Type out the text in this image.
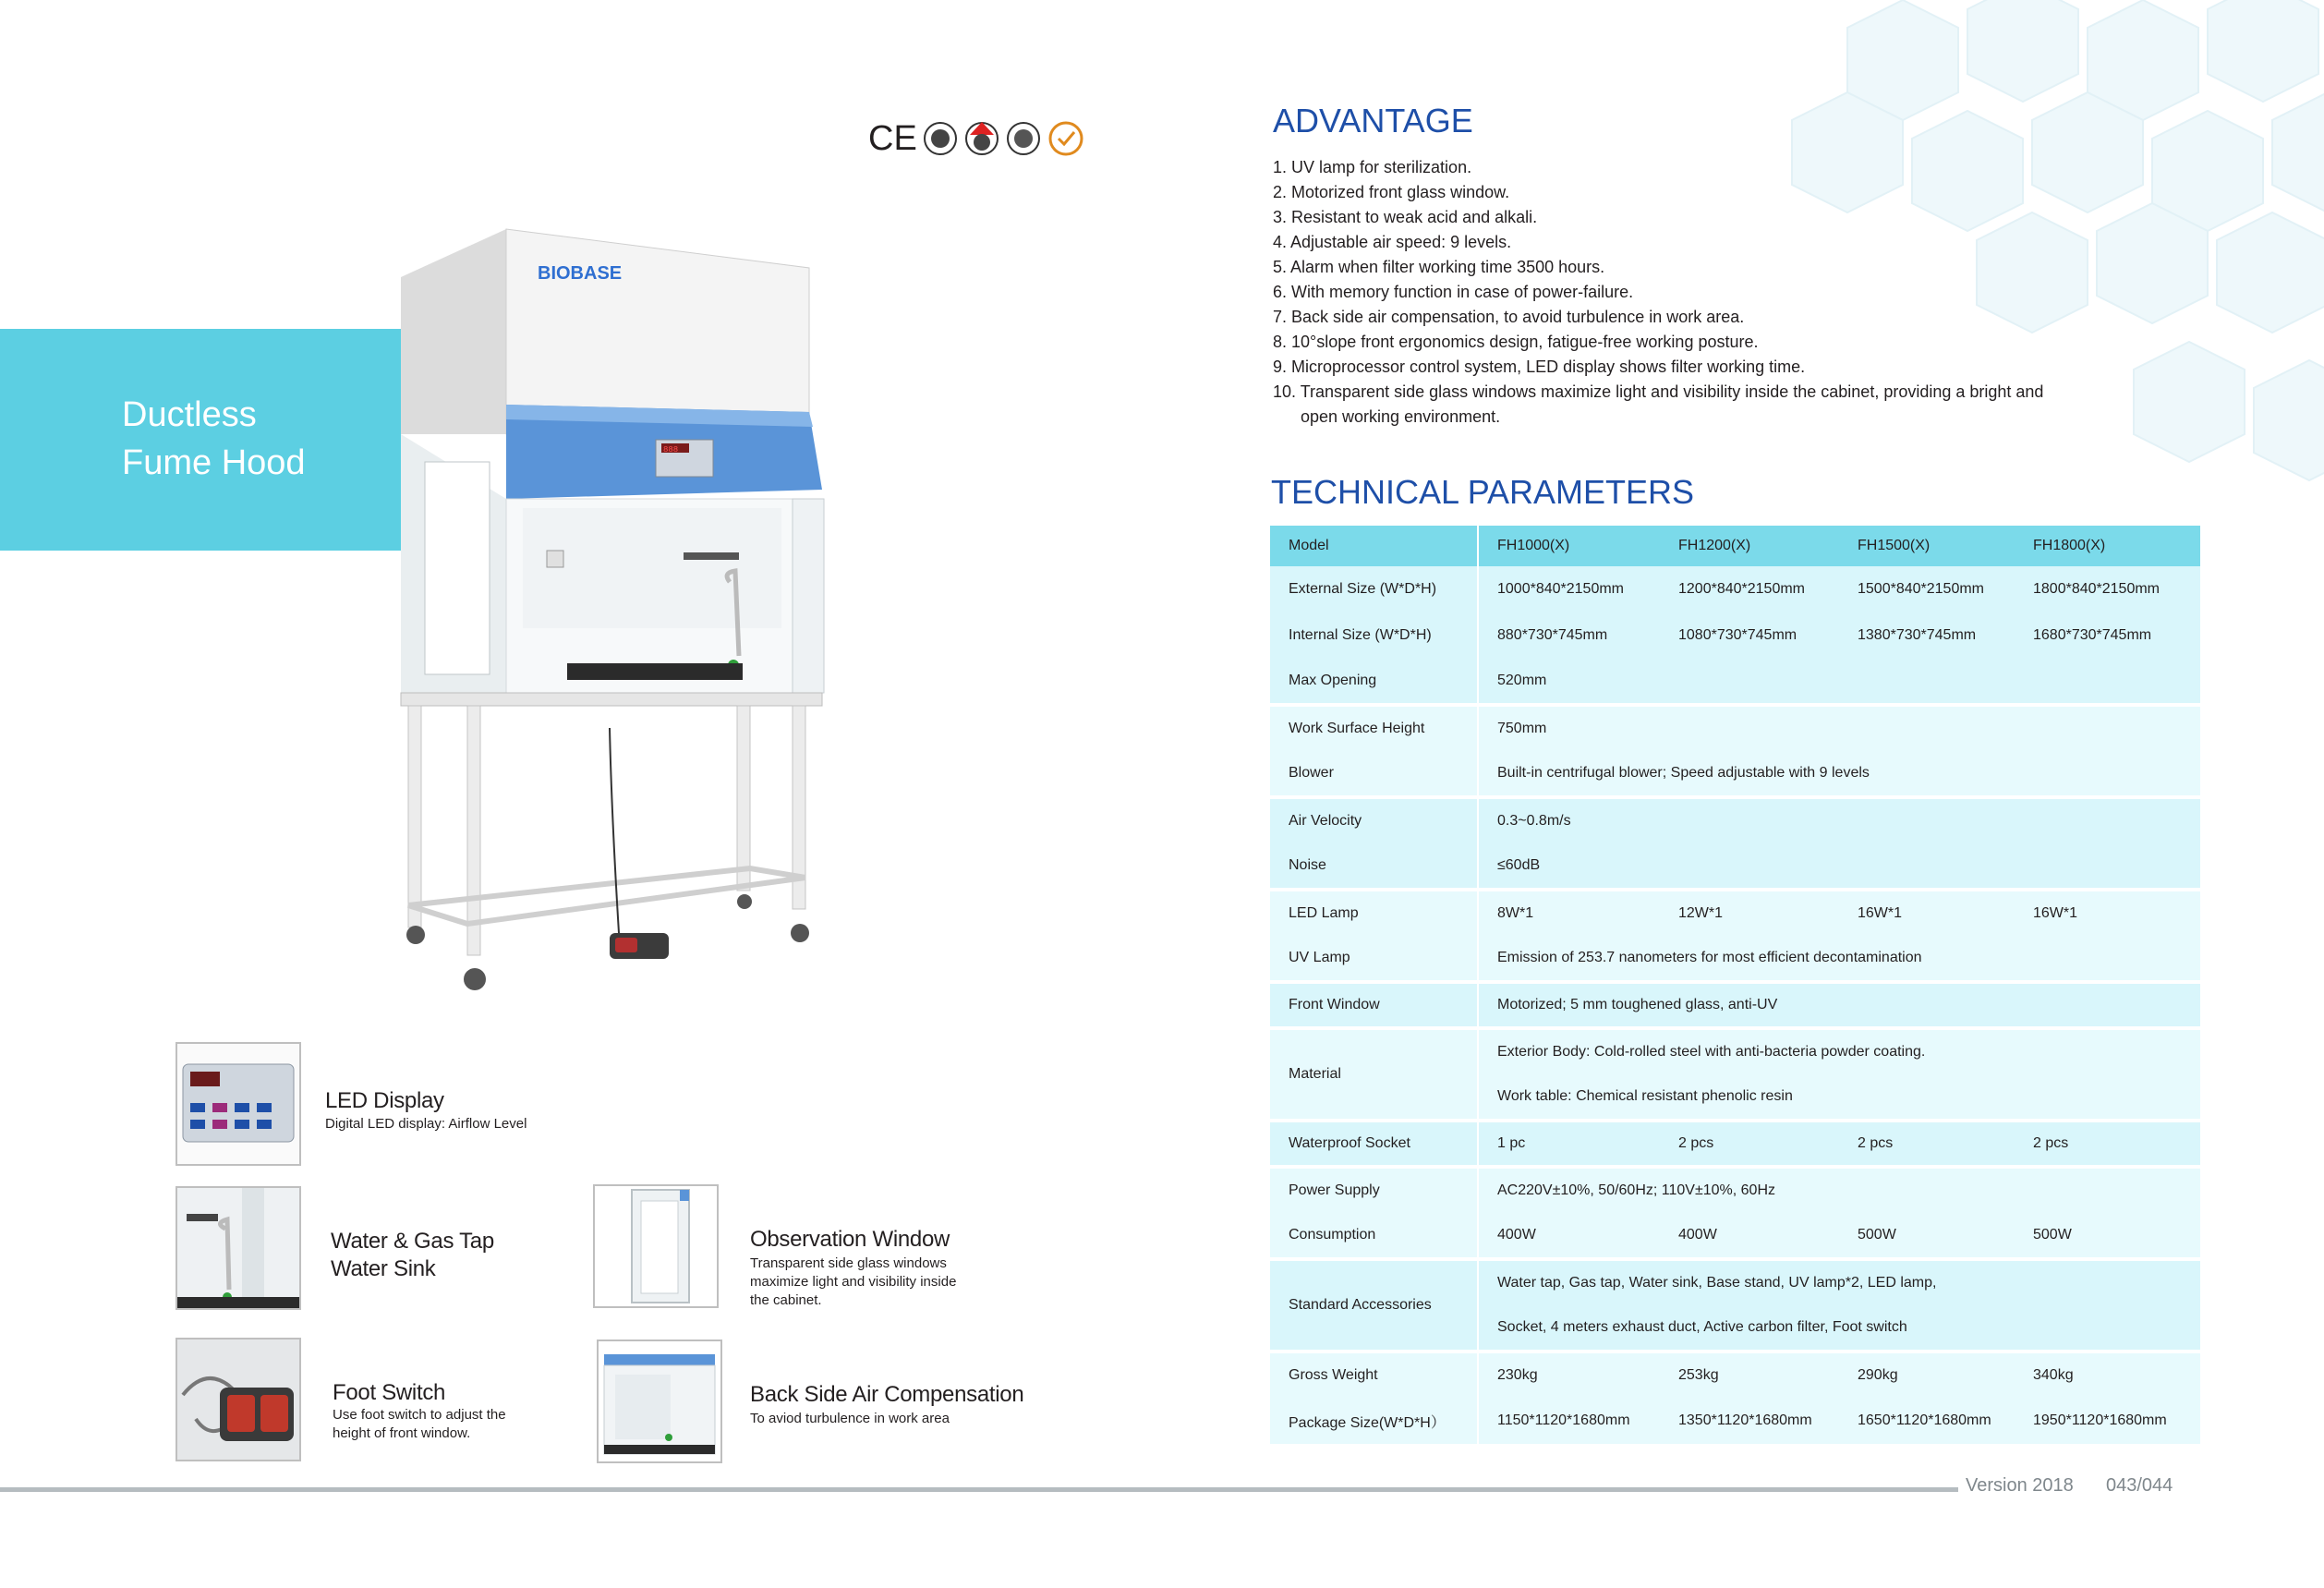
Ductless
Fume Hood
CE
BIOBASE
888
LED Display
Digital LED display: Airflow Level
Water & Gas Tap
Water Sink
Observation Window
Transparent side glass windows
maximize light and visibility inside
the cabinet.
Foot Switch
Use foot switch to adjust the
height of front window.
Back Side Air Compensation
To aviod turbulence in work area
ADVANTAGE
1. UV lamp for sterilization.
2. Motorized front glass window.
3. Resistant to weak acid and alkali.
4. Adjustable air speed: 9 levels.
5. Alarm when filter working time 3500 hours.
6. With memory function in case of power-failure.
7. Back side air compensation, to avoid turbulence in work area.
8. 10°slope front ergonomics design, fatigue-free working posture.
9. Microprocessor control system, LED display shows filter working time.
10. Transparent side glass windows maximize light and visibility inside the cabinet, providing a bright and
open working environment.
TECHNICAL PARAMETERS
Model	FH1000(X)	FH1200(X)	FH1500(X)	FH1800(X)
External Size (W*D*H)	1000*840*2150mm	1200*840*2150mm	1500*840*2150mm	1800*840*2150mm
Internal Size (W*D*H)	880*730*745mm	1080*730*745mm	1380*730*745mm	1680*730*745mm
Max Opening	520mm			
Work Surface Height	750mm			
Blower	Built-in centrifugal blower; Speed adjustable with 9 levels			
Air Velocity	0.3~0.8m/s			
Noise	≤60dB			
LED Lamp	8W*1	12W*1	16W*1	16W*1
UV Lamp	Emission of 253.7 nanometers for most efficient decontamination			
Front Window	Motorized; 5 mm toughened glass, anti-UV			
Material	Exterior Body: Cold-rolled steel with anti-bacteria powder coating.			
	Work table: Chemical resistant phenolic resin			
Waterproof Socket	1 pc	2 pcs	2 pcs	2 pcs
Power Supply	AC220V±10%, 50/60Hz; 110V±10%, 60Hz			
Consumption	400W	400W	500W	500W
Standard Accessories	Water tap, Gas tap, Water sink, Base stand, UV lamp*2, LED lamp,			
	Socket, 4 meters exhaust duct, Active carbon filter, Foot switch			
Gross Weight	230kg	253kg	290kg	340kg
Package Size(W*D*H）	1150*1120*1680mm	1350*1120*1680mm	1650*1120*1680mm	1950*1120*1680mm
Version 2018 043/044
